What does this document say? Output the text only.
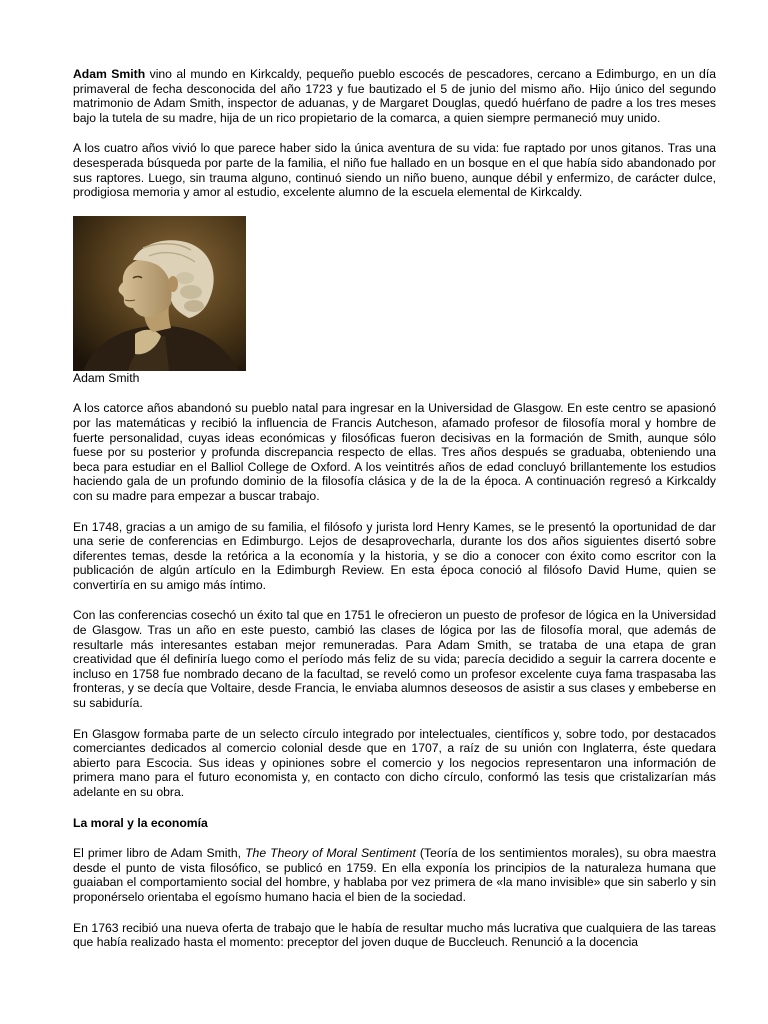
Adam Smith vino al mundo en Kirkcaldy, pequeño pueblo escocés de pescadores, cercano a Edimburgo, en un día primaveral de fecha desconocida del año 1723 y fue bautizado el 5 de junio del mismo año. Hijo único del segundo matrimonio de Adam Smith, inspector de aduanas, y de Margaret Douglas, quedó huérfano de padre a los tres meses bajo la tutela de su madre, hija de un rico propietario de la comarca, a quien siempre permaneció muy unido.

A los cuatro años vivió lo que parece haber sido la única aventura de su vida: fue raptado por unos gitanos. Tras una desesperada búsqueda por parte de la familia, el niño fue hallado en un bosque en el que había sido abandonado por sus raptores. Luego, sin trauma alguno, continuó siendo un niño bueno, aunque débil y enfermizo, de carácter dulce, prodigiosa memoria y amor al estudio, excelente alumno de la escuela elemental de Kirkcaldy.

Adam Smith

A los catorce años abandonó su pueblo natal para ingresar en la Universidad de Glasgow. En este centro se apasionó por las matemáticas y recibió la influencia de Francis Autcheson, afamado profesor de filosofía moral y hombre de fuerte personalidad, cuyas ideas económicas y filosóficas fueron decisivas en la formación de Smith, aunque sólo fuese por su posterior y profunda discrepancia respecto de ellas. Tres años después se graduaba, obteniendo una beca para estudiar en el Balliol College de Oxford. A los veintitrés años de edad concluyó brillantemente los estudios haciendo gala de un profundo dominio de la filosofía clásica y de la de la época. A continuación regresó a Kirkcaldy con su madre para empezar a buscar trabajo.

En 1748, gracias a un amigo de su familia, el filósofo y jurista lord Henry Kames, se le presentó la oportunidad de dar una serie de conferencias en Edimburgo. Lejos de desaprovecharla, durante los dos años siguientes disertó sobre diferentes temas, desde la retórica a la economía y la historia, y se dio a conocer con éxito como escritor con la publicación de algún artículo en la Edimburgh Review. En esta época conoció al filósofo David Hume, quien se convertiría en su amigo más íntimo.

Con las conferencias cosechó un éxito tal que en 1751 le ofrecieron un puesto de profesor de lógica en la Universidad de Glasgow. Tras un año en este puesto, cambió las clases de lógica por las de filosofía moral, que además de resultarle más interesantes estaban mejor remuneradas. Para Adam Smith, se trataba de una etapa de gran creatividad que él definiría luego como el período más feliz de su vida; parecía decidido a seguir la carrera docente e incluso en 1758 fue nombrado decano de la facultad, se reveló como un profesor excelente cuya fama traspasaba las fronteras, y se decía que Voltaire, desde Francia, le enviaba alumnos deseosos de asistir a sus clases y embeberse en su sabiduría.

En Glasgow formaba parte de un selecto círculo integrado por intelectuales, científicos y, sobre todo, por destacados comerciantes dedicados al comercio colonial desde que en 1707, a raíz de su unión con Inglaterra, éste quedara abierto para Escocia. Sus ideas y opiniones sobre el comercio y los negocios representaron una información de primera mano para el futuro economista y, en contacto con dicho círculo, conformó las tesis que cristalizarían más adelante en su obra.

La moral y la economía

El primer libro de Adam Smith, The Theory of Moral Sentiment (Teoría de los sentimientos morales), su obra maestra desde el punto de vista filosófico, se publicó en 1759. En ella exponía los principios de la naturaleza humana que guaiaban el comportamiento social del hombre, y hablaba por vez primera de «la mano invisible» que sin saberlo y sin proponérselo orientaba el egoísmo humano hacia el bien de la sociedad.

En 1763 recibió una nueva oferta de trabajo que le había de resultar mucho más lucrativa que cualquiera de las tareas que había realizado hasta el momento: preceptor del joven duque de Buccleuch. Renunció a la docencia
